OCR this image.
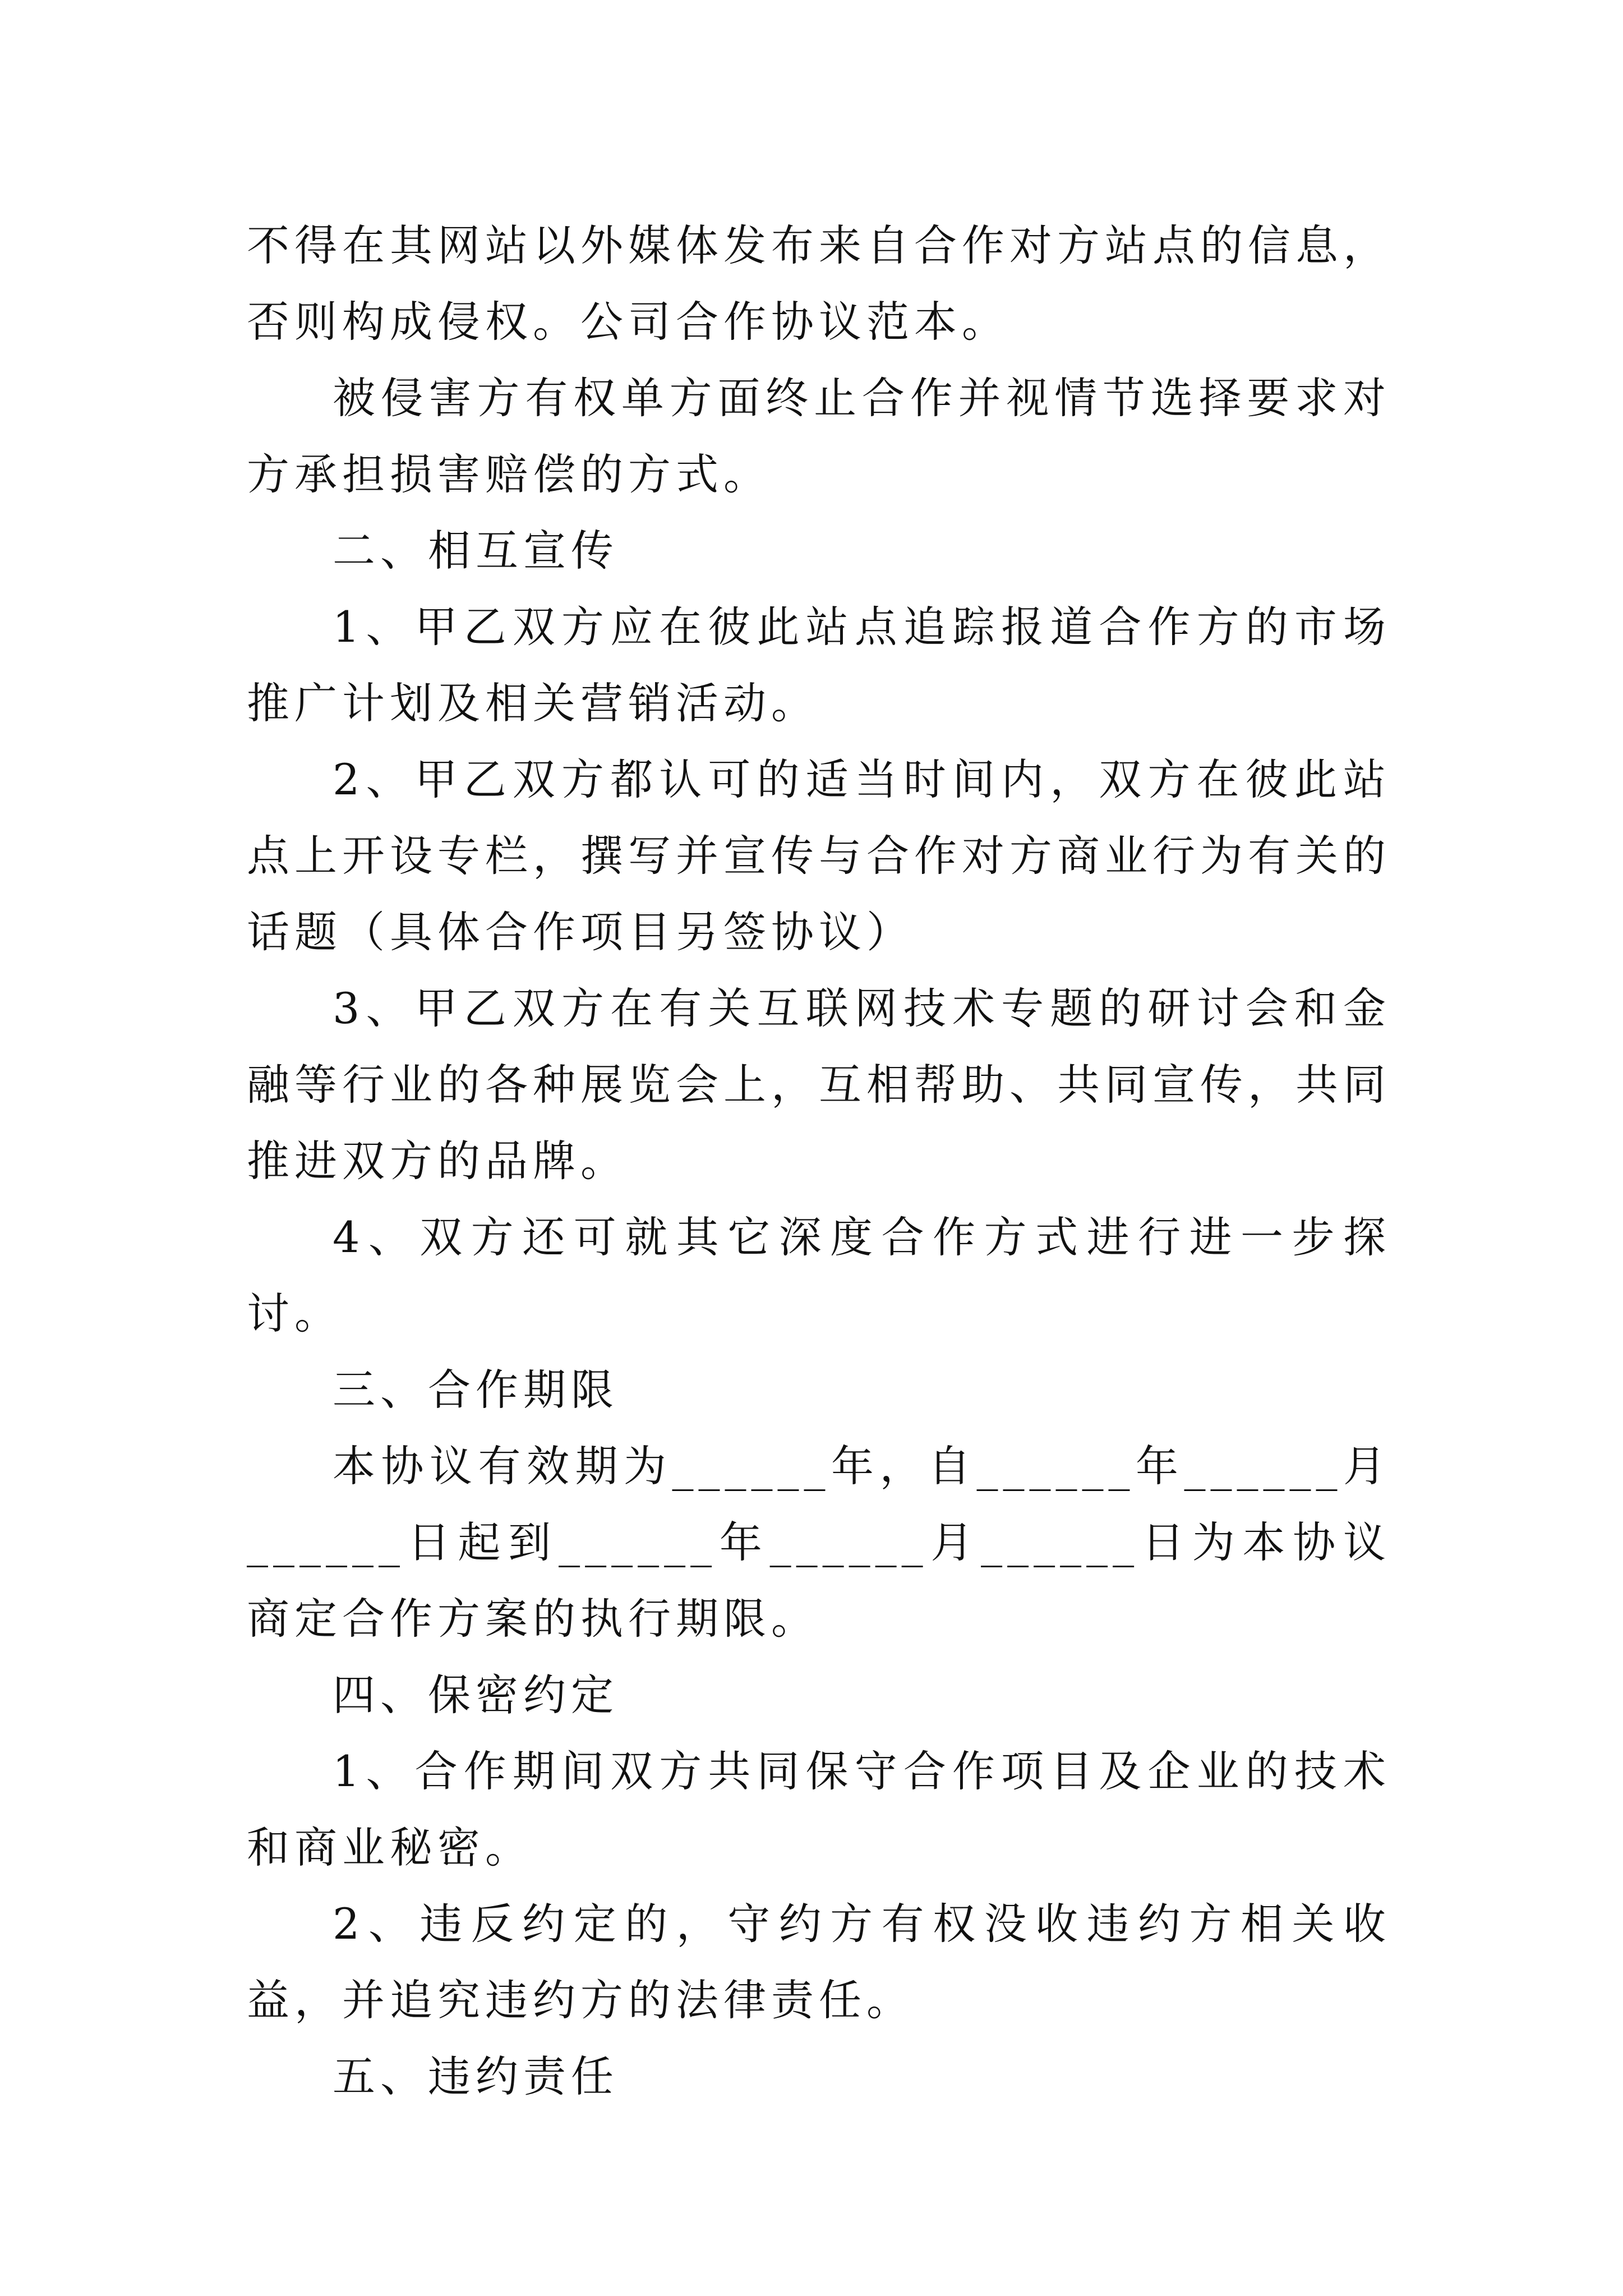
不得在其网站以外媒体发布来自合作对方站点的信息，否则构成侵权。公司合作协议范本。

被侵害方有权单方面终止合作并视情节选择要求对方承担损害赔偿的方式。

二、相互宣传

1、甲乙双方应在彼此站点追踪报道合作方的市场推广计划及相关营销活动。

2、甲乙双方都认可的适当时间内，双方在彼此站点上开设专栏，撰写并宣传与合作对方商业行为有关的话题（具体合作项目另签协议）

3、甲乙双方在有关互联网技术专题的研讨会和金融等行业的各种展览会上，互相帮助、共同宣传，共同推进双方的品牌。

4、双方还可就其它深度合作方式进行进一步探讨。

三、合作期限

本协议有效期为______年，自______年______月______日起到______年______月______日为本协议商定合作方案的执行期限。

四、保密约定

1、合作期间双方共同保守合作项目及企业的技术和商业秘密。

2、违反约定的，守约方有权没收违约方相关收益，并追究违约方的法律责任。

五、违约责任
